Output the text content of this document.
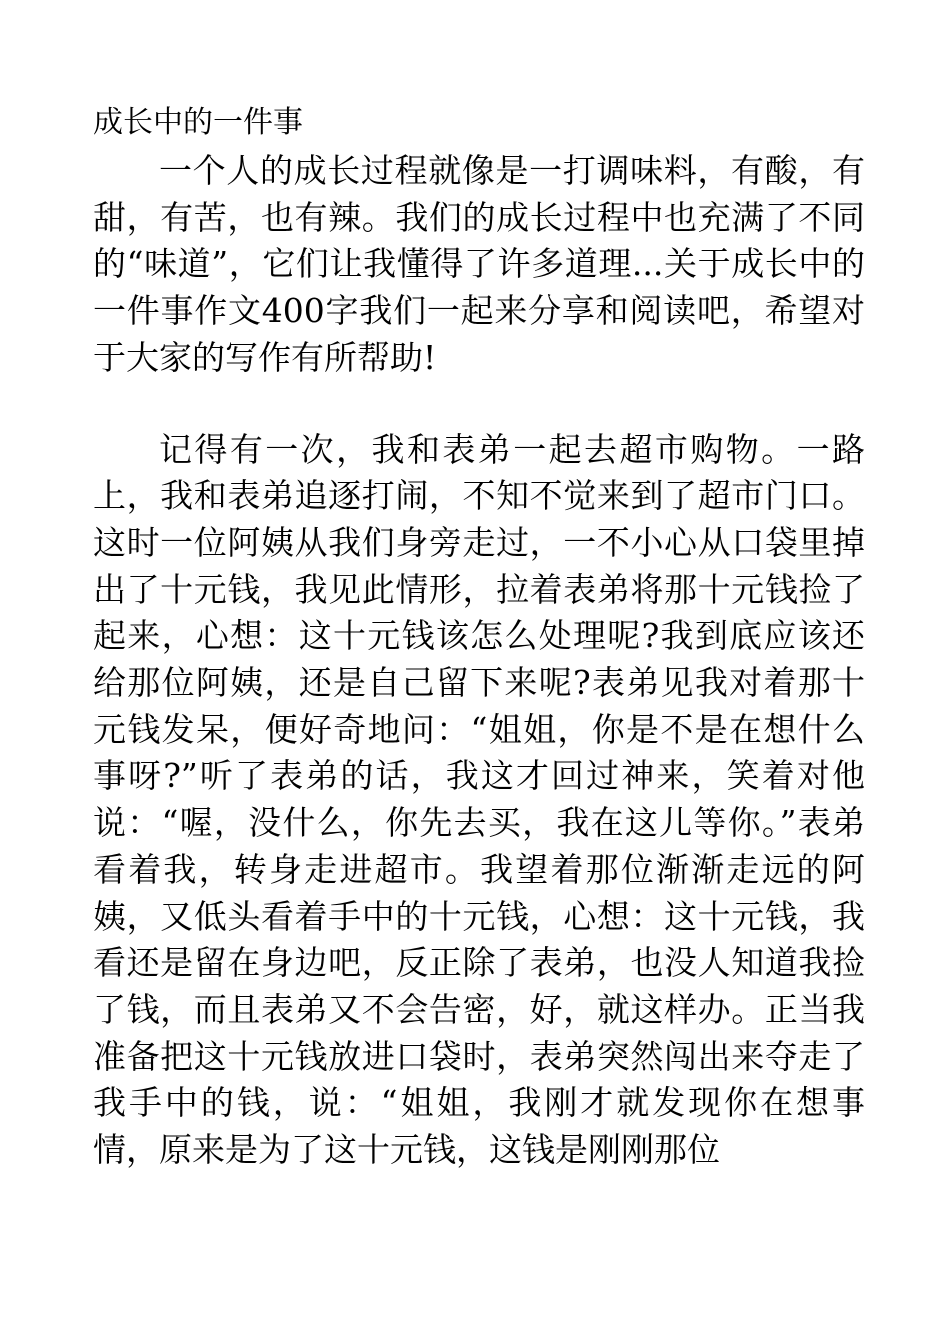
成长中的一件事

一个人的成长过程就像是一打调味料，有酸，有甜，有苦，也有辣。我们的成长过程中也充满了不同的“味道”，它们让我懂得了许多道理...关于成长中的一件事作文400字我们一起来分享和阅读吧，希望对于大家的写作有所帮助!

记得有一次，我和表弟一起去超市购物。一路上，我和表弟追逐打闹，不知不觉来到了超市门口。这时一位阿姨从我们身旁走过，一不小心从口袋里掉出了十元钱，我见此情形，拉着表弟将那十元钱捡了起来，心想：这十元钱该怎么处理呢?我到底应该还给那位阿姨，还是自己留下来呢?表弟见我对着那十元钱发呆，便好奇地问：“姐姐，你是不是在想什么事呀?”听了表弟的话，我这才回过神来，笑着对他说：“喔，没什么，你先去买，我在这儿等你。”表弟看着我，转身走进超市。我望着那位渐渐走远的阿姨，又低头看着手中的十元钱，心想：这十元钱，我看还是留在身边吧，反正除了表弟，也没人知道我捡了钱，而且表弟又不会告密，好，就这样办。正当我准备把这十元钱放进口袋时，表弟突然闯出来夺走了我手中的钱，说：“姐姐，我刚才就发现你在想事情，原来是为了这十元钱，这钱是刚刚那位
